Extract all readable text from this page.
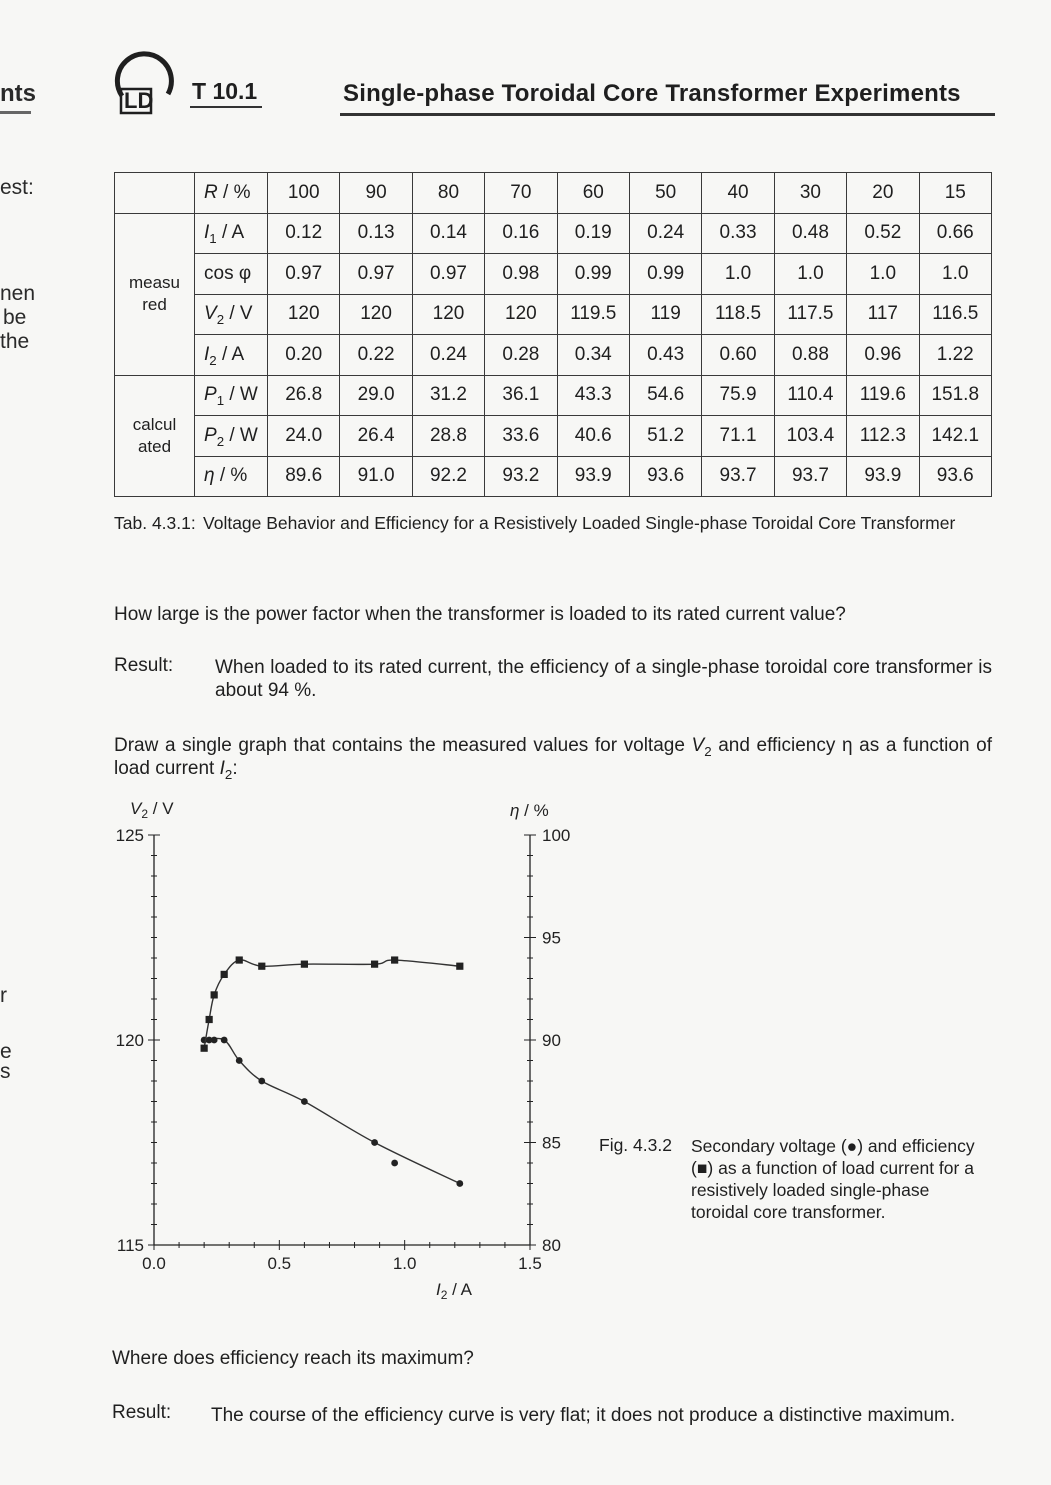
nts
est:
nen
be
the
r
e
s
LD T 10.1	Single-phase Toroidal Core Transformer Experiments
	R / %	100	90	80	70	60	50	40	30	20	15
measu
red	$I_1$ / A	0.12	0.13	0.14	0.16	0.19	0.24	0.33	0.48	0.52	0.66
	cos φ	0.97	0.97	0.97	0.98	0.99	0.99	1.0	1.0	1.0	1.0
	$V_2$ / V	120	120	120	120	119.5	119	118.5	117.5	117	116.5
	$I_2$ / A	0.20	0.22	0.24	0.28	0.34	0.43	0.60	0.88	0.96	1.22
calcul
ated	$P_1$ / W	26.8	29.0	31.2	36.1	43.3	54.6	75.9	110.4	119.6	151.8
	$P_2$ / W	24.0	26.4	28.8	33.6	40.6	51.2	71.1	103.4	112.3	142.1
	η / %	89.6	91.0	92.2	93.2	93.9	93.6	93.7	93.7	93.9	93.6
Tab. 4.3.1: Voltage Behavior and Efficiency for a Resistively Loaded Single-phase Toroidal Core Transformer
How large is the power factor when the transformer is loaded to its rated current value?
Result: When loaded to its rated current, the efficiency of a single-phase toroidal core transformer is about 94 %.
Draw a single graph that contains the measured values for voltage $V_2$ and efficiency η as a function of load current $I_2$:
0.0	0.5	1.0	1.5
125
120
115
100
95
90
85
80
$V_2$ / V	η / %
$I_2$ / A
Fig. 4.3.2 Secondary voltage (●) and efficiency (■) as a function of load current for a resistively loaded single-phase toroidal core transformer.
Where does efficiency reach its maximum?
Result: The course of the efficiency curve is very flat; it does not produce a distinctive maximum.
